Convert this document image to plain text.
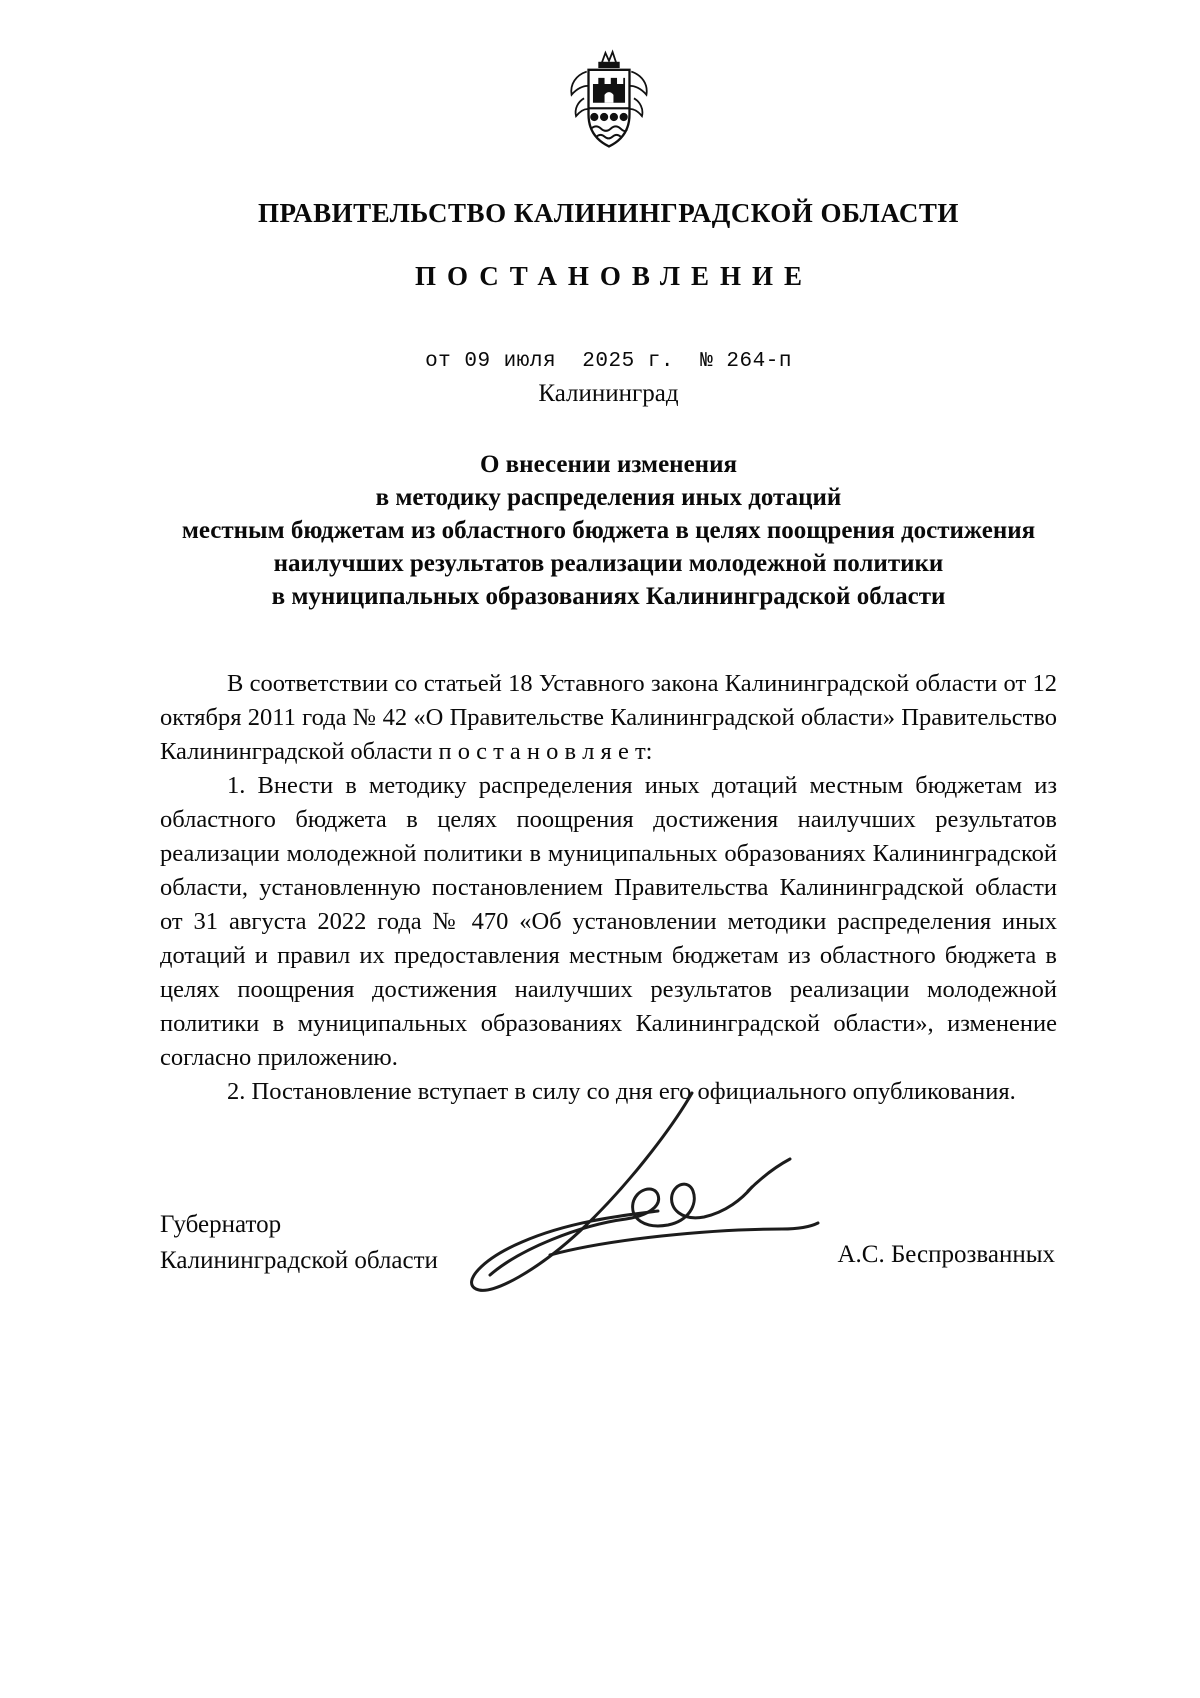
ПРАВИТЕЛЬСТВО КАЛИНИНГРАДСКОЙ ОБЛАСТИ
ПОСТАНОВЛЕНИЕ
от 09 июля  2025 г.  № 264-п
Калининград
О внесении изменения
в методику распределения иных дотаций
местным бюджетам из областного бюджета в целях поощрения достижения
наилучших результатов реализации молодежной политики
в муниципальных образованиях Калининградской области

В соответствии со статьей 18 Уставного закона Калининградской области от 12 октября 2011 года № 42 «О Правительстве Калининградской области» Правительство Калининградской области п о с т а н о в л я е т:

1. Внести в методику распределения иных дотаций местным бюджетам из областного бюджета в целях поощрения достижения наилучших результатов реализации молодежной политики в муниципальных образованиях Калининградской области, установленную постановлением Правительства Калининградской области от 31 августа 2022 года № 470 «Об установлении методики распределения иных дотаций и правил их предоставления местным бюджетам из областного бюджета в целях поощрения достижения наилучших результатов реализации молодежной политики в муниципальных образованиях Калининградской области», изменение согласно приложению.

2. Постановление вступает в силу со дня его официального опубликования.

Губернатор
Калининградской области	А.С. Беспрозванных
